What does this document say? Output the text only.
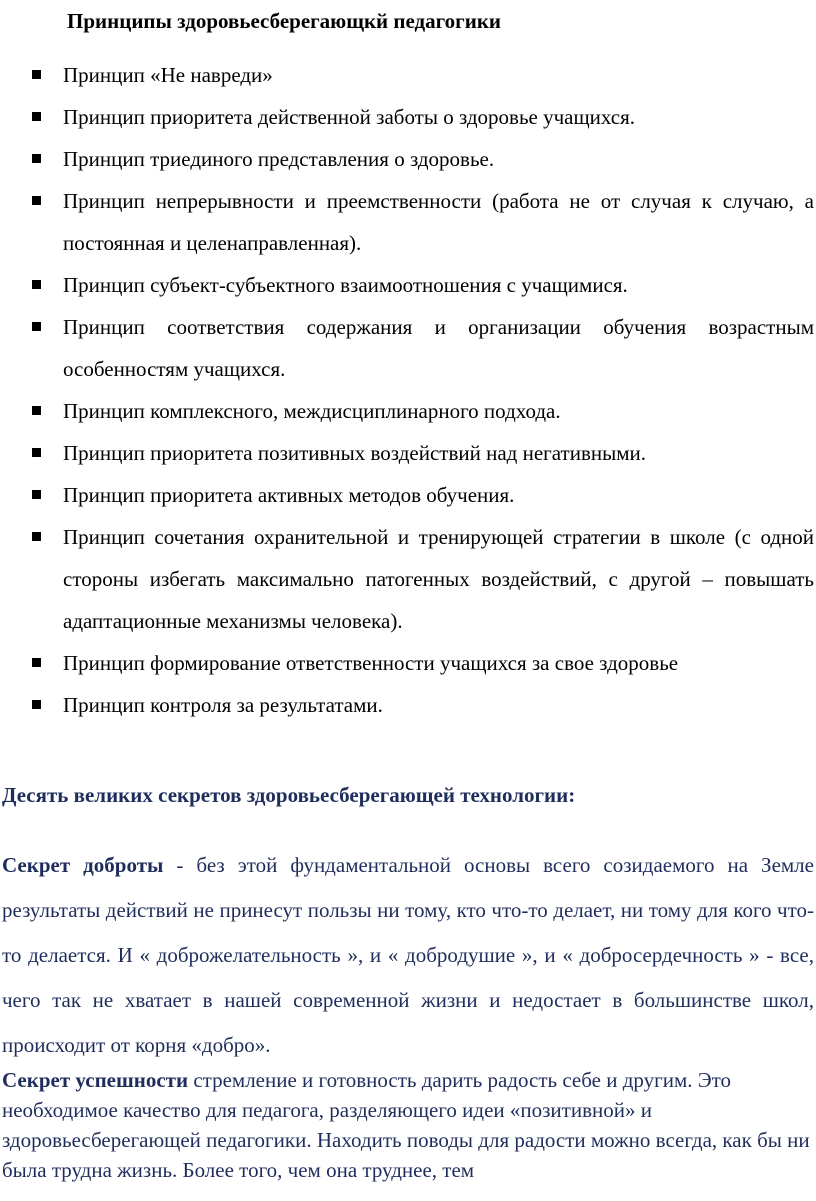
Принципы здоровьесберегающкй педагогики
Принцип «Не навреди»
Принцип приоритета действенной заботы о здоровье учащихся.
Принцип триединого представления о здоровье.
Принцип непрерывности и преемственности (работа не от случая к случаю, а постоянная и целенаправленная).
Принцип субъект-субъектного взаимоотношения с учащимися.
Принцип соответствия содержания и организации обучения возрастным особенностям учащихся.
Принцип комплексного, междисциплинарного подхода.
Принцип приоритета позитивных воздействий над негативными.
Принцип приоритета активных методов обучения.
Принцип сочетания охранительной и тренирующей стратегии в школе (с одной стороны избегать максимально патогенных воздействий, с другой – повышать адаптационные механизмы человека).
Принцип формирование ответственности учащихся за свое здоровье
Принцип контроля за результатами.
Десять великих секретов здоровьесберегающей технологии:

Секрет доброты - без этой фундаментальной основы всего созидаемого на Земле результаты действий не принесут пользы ни тому, кто что-то делает, ни тому для кого что-то делается. И « доброжелательность », и « добродушие », и « добросердечность » - все, чего так не хватает в нашей современной жизни и недостает в большинстве школ, происходит от корня «добро».

Секрет успешности стремление и готовность дарить радость себе и другим. Это необходимое качество для педагога, разделяющего идеи «позитивной» и здоровьесберегающей педагогики. Находить поводы для радости можно всегда, как бы ни была трудна жизнь. Более того, чем она труднее, тем
